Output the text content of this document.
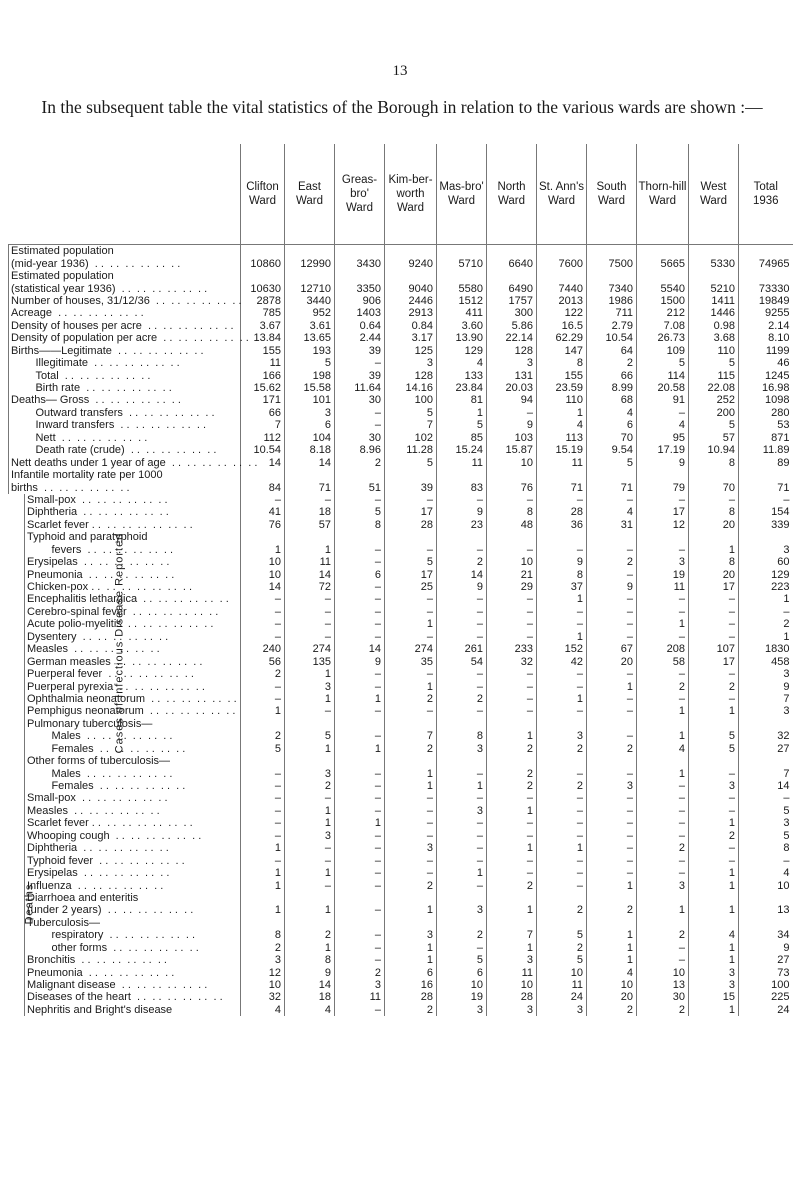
13
In the subsequent table the vital statistics of the Borough in relation to the various wards are shown :—
		Clifton Ward	East Ward	Greas-bro' Ward	Kim-ber-worth Ward	Mas-bro' Ward	North Ward	St. Ann's Ward	South Ward	Thorn-hill Ward	West Ward	Total 1936
Estimated population												
(mid-year 1936)  . .  . .  . .  . .  . .  . .		10860	12990	3430	9240	5710	6640	7600	7500	5665	5330	74965
Estimated population												
(statistical year 1936)  . .  . .  . .  . .  . .  . .		10630	12710	3350	9040	5580	6490	7440	7340	5540	5210	73330
Number of houses, 31/12/36  . .  . .  . .  . .  . .  . .		2878	3440	906	2446	1512	1757	2013	1986	1500	1411	19849
Acreage  . .  . .  . .  . .  . .  . .		785	952	1403	2913	411	300	122	711	212	1446	9255
Density of houses per acre  . .  . .  . .  . .  . .  . .		3.67	3.61	0.64	0.84	3.60	5.86	16.5	2.79	7.08	0.98	2.14
Density of population per acre  . .  . .  . .  . .  . .  . .		13.84	13.65	2.44	3.17	13.90	22.14	62.29	10.54	26.73	3.68	8.10
Births——Legitimate  . .  . .  . .  . .  . .  . .		155	193	39	125	129	128	147	64	109	110	1199
Illegitimate  . .  . .  . .  . .  . .  . .		11	5	–	3	4	3	8	2	5	5	46
Total  . .  . .  . .  . .  . .  . .		166	198	39	128	133	131	155	66	114	115	1245
Birth rate  . .  . .  . .  . .  . .  . .		15.62	15.58	11.64	14.16	23.84	20.03	23.59	8.99	20.58	22.08	16.98
Deaths— Gross  . .  . .  . .  . .  . .  . .		171	101	30	100	81	94	110	68	91	252	1098
Outward transfers  . .  . .  . .  . .  . .  . .		66	3	–	5	1	–	1	4	–	200	280
Inward transfers  . .  . .  . .  . .  . .  . .		7	6	–	7	5	9	4	6	4	5	53
Nett  . .  . .  . .  . .  . .  . .		112	104	30	102	85	103	113	70	95	57	871
Death rate (crude)  . .  . .  . .  . .  . .  . .		10.54	8.18	8.96	11.28	15.24	15.87	15.19	9.54	17.19	10.94	11.89
Nett deaths under 1 year of age  . .  . .  . .  . .  . .  . .		14	14	2	5	11	10	11	5	9	8	89
Infantile mortality rate per 1000												
births  . .  . .  . .  . .  . .  . .		84	71	51	39	83	76	71	71	79	70	71
Cases of Infectious Disease Reported	Small-pox  . .  . .  . .  . .  . .  . .	–	–	–	–	–	–	–	–	–	–	–
	Diphtheria  . .  . .  . .  . .  . .  . .	41	18	5	17	9	8	28	4	17	8	154
	Scarlet fever . .  . .  . .  . .  . .  . .  . .	76	57	8	28	23	48	36	31	12	20	339
	Typhoid and paratyphoid											
	fevers  . .  . .  . .  . .  . .  . .	1	1	–	–	–	–	–	–	–	1	3
	Erysipelas  . .  . .  . .  . .  . .  . .	10	11	–	5	2	10	9	2	3	8	60
	Pneumonia  . .  . .  . .  . .  . .  . .	10	14	6	17	14	21	8	–	19	20	129
	Chicken-pox . .  . .  . .  . .  . .  . .  . .	14	72	–	25	9	29	37	9	11	17	223
	Encephalitis lethargica  . .  . .  . .  . .  . .  . .	–	–	–	–	–	–	1	–	–	–	1
	Cerebro-spinal fever  . .  . .  . .  . .  . .  . .	–	–	–	–	–	–	–	–	–	–	–
	Acute polio-myelitis  . .  . .  . .  . .  . .  . .	–	–	–	1	–	–	–	–	1	–	2
	Dysentery  . .  . .  . .  . .  . .  . .	–	–	–	–	–	–	1	–	–	–	1
	Measles  . .  . .  . .  . .  . .  . .	240	274	14	274	261	233	152	67	208	107	1830
	German measles  . .  . .  . .  . .  . .  . .	56	135	9	35	54	32	42	20	58	17	458
	Puerperal fever  . .  . .  . .  . .  . .  . .	2	1	–	–	–	–	–	–	–	–	3
	Puerperal pyrexia  . .  . .  . .  . .  . .  . .	–	3	–	1	–	–	–	1	2	2	9
	Ophthalmia neonatorum  . .  . .  . .  . .  . .  . .	–	1	1	2	2	–	1	–	–	–	7
	Pemphigus neonatorum  . .  . .  . .  . .  . .  . .	1	–	–	–	–	–	–	–	1	1	3
	Pulmonary tuberculosis—											
	Males  . .  . .  . .  . .  . .  . .	2	5	–	7	8	1	3	–	1	5	32
	Females  . .  . .  . .  . .  . .  . .	5	1	1	2	3	2	2	2	4	5	27
	Other forms of tuberculosis—											
	Males  . .  . .  . .  . .  . .  . .	–	3	–	1	–	2	–	–	1	–	7
	Females  . .  . .  . .  . .  . .  . .	–	2	–	1	1	2	2	3	–	3	14
Deaths	Small-pox  . .  . .  . .  . .  . .  . .	–	–	–	–	–	–	–	–	–	–	–
	Measles  . .  . .  . .  . .  . .  . .	–	1	–	–	3	1	–	–	–	–	5
	Scarlet fever . .  . .  . .  . .  . .  . .  . .	–	1	1	–	–	–	–	–	–	1	3
	Whooping cough  . .  . .  . .  . .  . .  . .	–	3	–	–	–	–	–	–	–	2	5
	Diphtheria  . .  . .  . .  . .  . .  . .	1	–	–	3	–	1	1	–	2	–	8
	Typhoid fever  . .  . .  . .  . .  . .  . .	–	–	–	–	–	–	–	–	–	–	–
	Erysipelas  . .  . .  . .  . .  . .  . .	1	1	–	–	1	–	–	–	–	1	4
	Influenza  . .  . .  . .  . .  . .  . .	1	–	–	2	–	2	–	1	3	1	10
	Diarrhoea and enteritis											
	(under 2 years)  . .  . .  . .  . .  . .  . .	1	1	–	1	3	1	2	2	1	1	13
	Tuberculosis—											
	respiratory  . .  . .  . .  . .  . .  . .	8	2	–	3	2	7	5	1	2	4	34
	other forms  . .  . .  . .  . .  . .  . .	2	1	–	1	–	1	2	1	–	1	9
	Bronchitis  . .  . .  . .  . .  . .  . .	3	8	–	1	5	3	5	1	–	1	27
	Pneumonia  . .  . .  . .  . .  . .  . .	12	9	2	6	6	11	10	4	10	3	73
	Malignant disease  . .  . .  . .  . .  . .  . .	10	14	3	16	10	10	11	10	13	3	100
	Diseases of the heart  . .  . .  . .  . .  . .  . .	32	18	11	28	19	28	24	20	30	15	225
	Nephritis and Bright's disease	4	4	–	2	3	3	3	2	2	1	24
